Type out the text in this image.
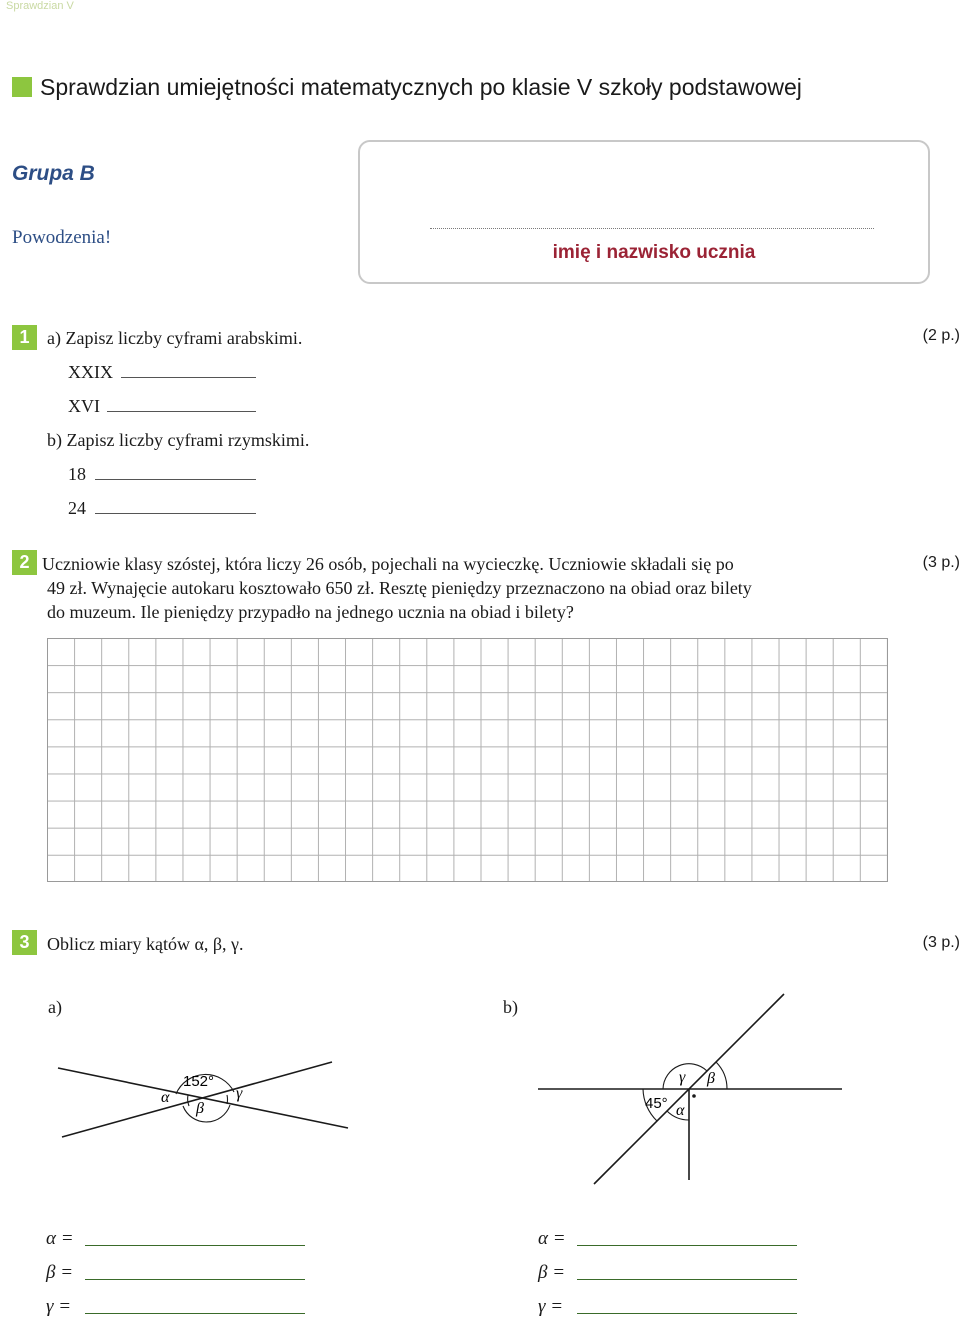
Sprawdzian V
Sprawdzian umiejętności matematycznych po klasie V szkoły podstawowej
Grupa B
Powodzenia!
imię i nazwisko ucznia
1 a) Zapisz liczby cyframi arabskimi.	(2 p.)
XXIX
XVI
b) Zapisz liczby cyframi rzymskimi.
18
24
2 Uczniowie klasy szóstej, która liczy 26 osób, pojechali na wycieczkę. Uczniowie składali się po
49 zł. Wynajęcie autokaru kosztowało 650 zł. Resztę pieniędzy przeznaczono na obiad oraz bilety
do muzeum. Ile pieniędzy przypadło na jednego ucznia na obiad i bilety?
(3 p.)
3 Oblicz miary kątów α, β, γ.	(3 p.)
a)	b)
152°
α
β
γ
45° α
β
γ
α =
β =
γ =
α =
β =
γ =
